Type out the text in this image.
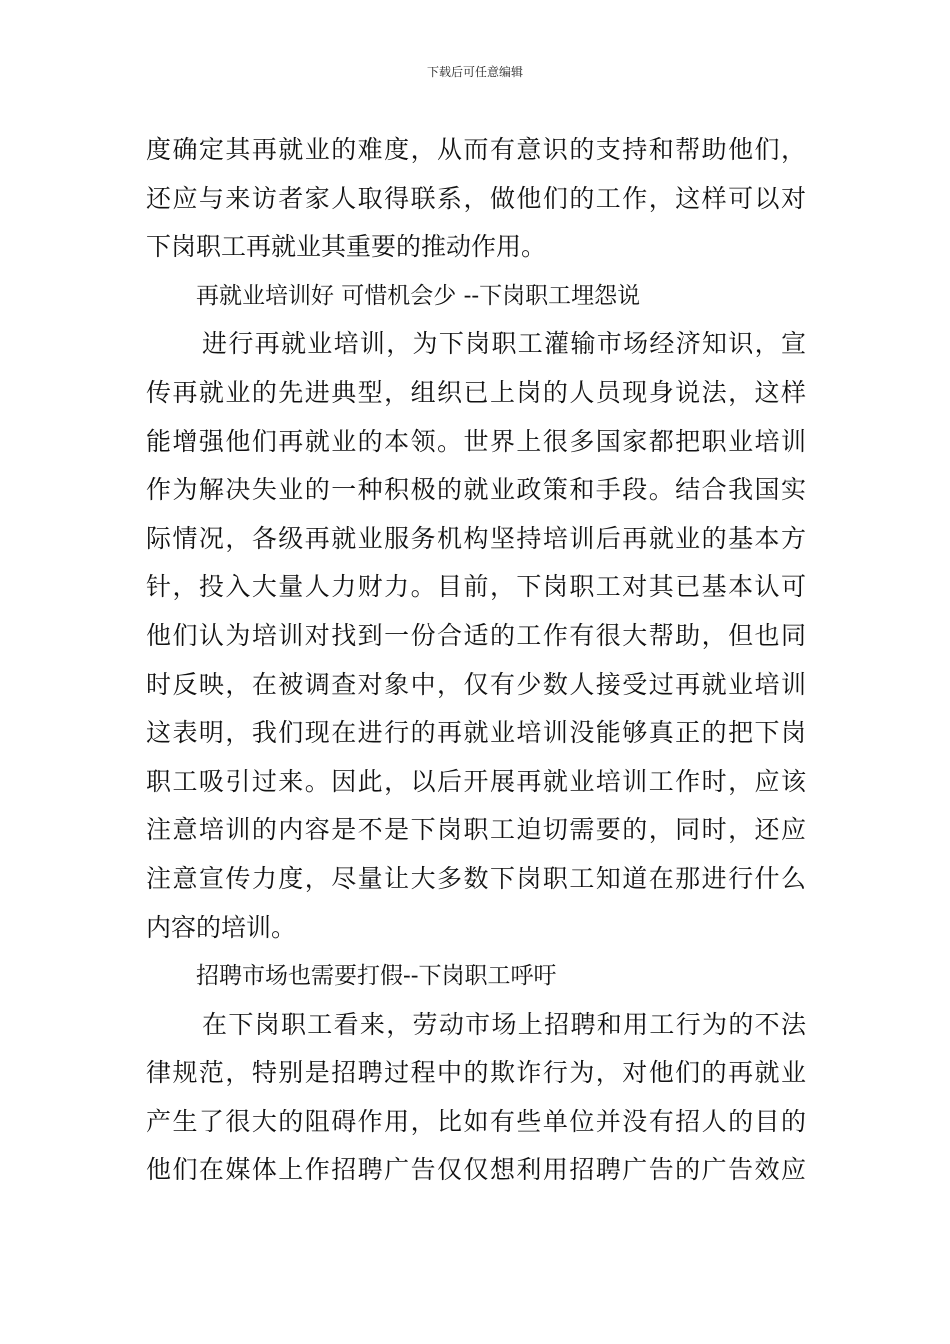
下载后可任意编辑
度确定其再就业的难度，从而有意识的支持和帮助他们，
还应与来访者家人取得联系，做他们的工作，这样可以对
下岗职工再就业其重要的推动作用。
再就业培训好 可惜机会少 --下岗职工埋怨说
进行再就业培训，为下岗职工灌输市场经济知识，宣
传再就业的先进典型，组织已上岗的人员现身说法，这样
能增强他们再就业的本领。世界上很多国家都把职业培训
作为解决失业的一种积极的就业政策和手段。结合我国实
际情况，各级再就业服务机构坚持培训后再就业的基本方
针，投入大量人力财力。目前，下岗职工对其已基本认可
他们认为培训对找到一份合适的工作有很大帮助，但也同
时反映，在被调查对象中，仅有少数人接受过再就业培训
这表明，我们现在进行的再就业培训没能够真正的把下岗
职工吸引过来。因此，以后开展再就业培训工作时，应该
注意培训的内容是不是下岗职工迫切需要的，同时，还应
注意宣传力度，尽量让大多数下岗职工知道在那进行什么
内容的培训。
招聘市场也需要打假--下岗职工呼吁
在下岗职工看来，劳动市场上招聘和用工行为的不法
律规范，特别是招聘过程中的欺诈行为，对他们的再就业
产生了很大的阻碍作用，比如有些单位并没有招人的目的
他们在媒体上作招聘广告仅仅想利用招聘广告的广告效应
